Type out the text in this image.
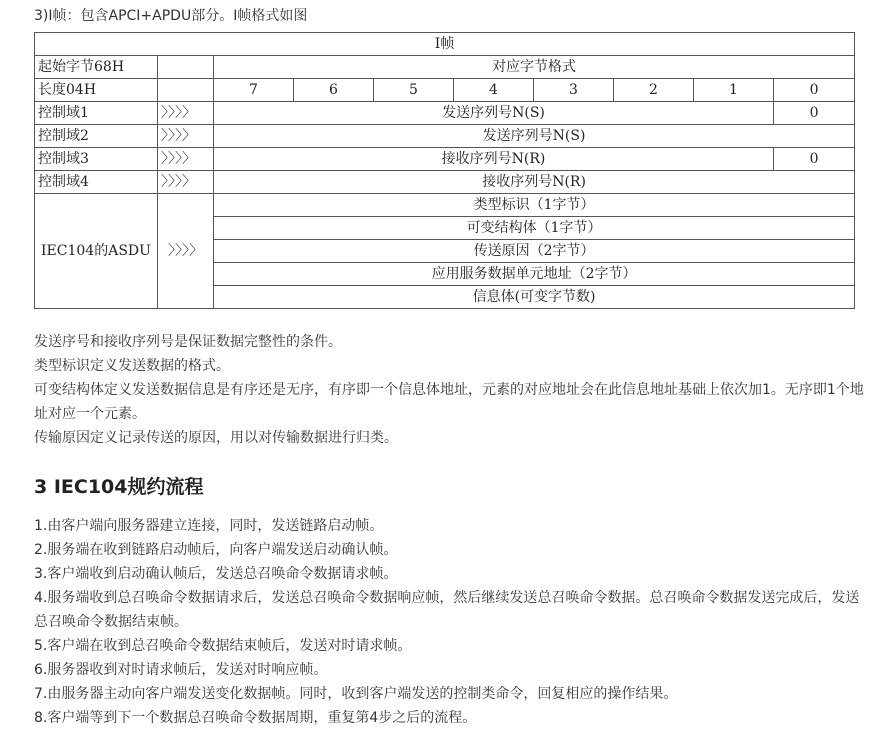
3)I帧：包含APCI+APDU部分。I帧格式如图
I帧									
起始字节68H		对应字节格式							
长度04H		7	6	5	4	3	2	1	0
控制域1	〉〉〉〉	发送序列号N(S)							0
控制域2	〉〉〉〉	发送序列号N(S)							
控制域3	〉〉〉〉	接收序列号N(R)							0
控制域4	〉〉〉〉	接收序列号N(R)							
IEC104的ASDU	〉〉〉〉	类型标识（1字节）							
		可变结构体（1字节）							
		传送原因（2字节）							
		应用服务数据单元地址（2字节）							
		信息体(可变字节数)							

发送序号和接收序列号是保证数据完整性的条件。

类型标识定义发送数据的格式。

可变结构体定义发送数据信息是有序还是无序，有序即一个信息体地址，元素的对应地址会在此信息地址基础上依次加1。无序即1个地址对应一个元素。

传输原因定义记录传送的原因，用以对传输数据进行归类。

3 IEC104规约流程
1.由客户端向服务器建立连接，同时，发送链路启动帧。
2.服务端在收到链路启动帧后，向客户端发送启动确认帧。
3.客户端收到启动确认帧后，发送总召唤命令数据请求帧。
4.服务端收到总召唤命令数据请求后，发送总召唤命令数据响应帧，然后继续发送总召唤命令数据。总召唤命令数据发送完成后，发送总召唤命令数据结束帧。
5.客户端在收到总召唤命令数据结束帧后，发送对时请求帧。
6.服务器收到对时请求帧后，发送对时响应帧。
7.由服务器主动向客户端发送变化数据帧。同时，收到客户端发送的控制类命令，回复相应的操作结果。
8.客户端等到下一个数据总召唤命令数据周期，重复第4步之后的流程。
